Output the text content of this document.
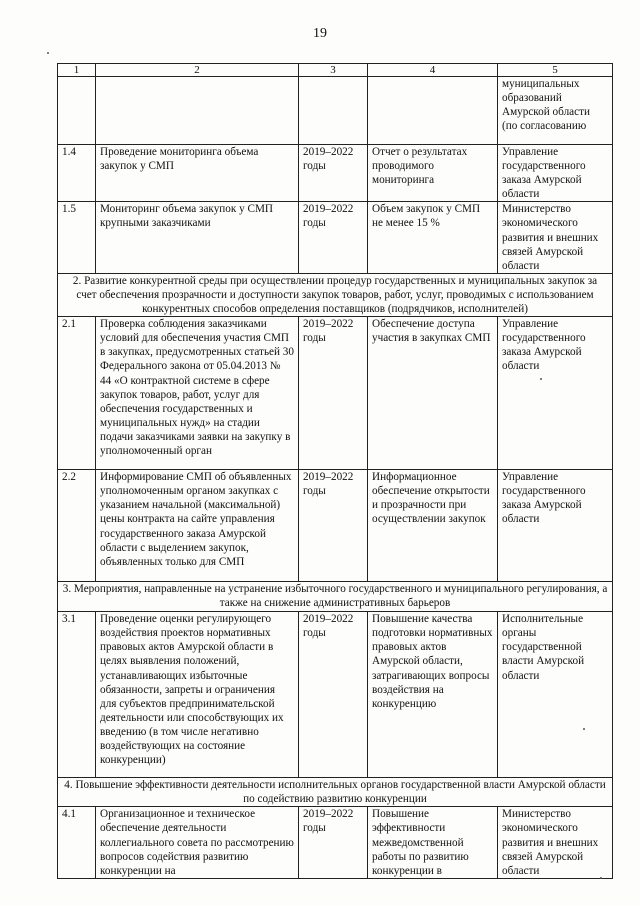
19
1	2	3	4	5
				муниципальных образований Амурской области (по согласованию
1.4	Проведение мониторинга объема закупок у СМП	2019–2022 годы	Отчет о результатах проводимого мониторинга	Управление государственного заказа Амурской области
1.5	Мониторинг объема закупок у СМП крупными заказчиками	2019–2022 годы	Объем закупок у СМП не менее 15 %	Министерство экономического развития и внешних связей Амурской области
2. Развитие конкурентной среды при осуществлении процедур государственных и муниципальных закупок за счет обеспечения прозрачности и доступности закупок товаров, работ, услуг, проводимых с использованием конкурентных способов определения поставщиков (подрядчиков, исполнителей)				
2.1	Проверка соблюдения заказчиками условий для обеспечения участия СМП в закупках, предусмотренных статьей 30 Федерального закона от 05.04.2013 № 44 «О контрактной системе в сфере закупок товаров, работ, услуг для обеспечения государственных и муниципальных нужд» на стадии подачи заказчиками заявки на закупку в уполномоченный орган	2019–2022 годы	Обеспечение доступа участия в закупках СМП	Управление государственного заказа Амурской области
2.2	Информирование СМП об объявленных уполномоченным органом закупках с указанием начальной (максимальной) цены контракта на сайте управления государственного заказа Амурской области с выделением закупок, объявленных только для СМП	2019–2022 годы	Информационное обеспечение открытости и прозрачности при осуществлении закупок	Управление государственного заказа Амурской области
3. Мероприятия, направленные на устранение избыточного государственного и муниципального регулирования, а также на снижение административных барьеров				
3.1	Проведение оценки регулирующего воздействия проектов нормативных правовых актов Амурской области в целях выявления положений, устанавливающих избыточные обязанности, запреты и ограничения для субъектов предпринимательской деятельности или способствующих их введению (в том числе негативно воздействующих на состояние конкуренции)	2019–2022 годы	Повышение качества подготовки нормативных правовых актов Амурской области, затрагивающих вопросы воздействия на конкуренцию	Исполнительные органы государственной власти Амурской области
4. Повышение эффективности деятельности исполнительных органов государственной власти Амурской области по содействию развитию конкуренции				
4.1	Организационное и техническое обеспечение деятельности коллегиального совета по рассмотрению вопросов содействия развитию конкуренции на	2019–2022 годы	Повышение эффективности межведомственной работы по развитию конкуренции в	Министерство экономического развития и внешних связей Амурской области
